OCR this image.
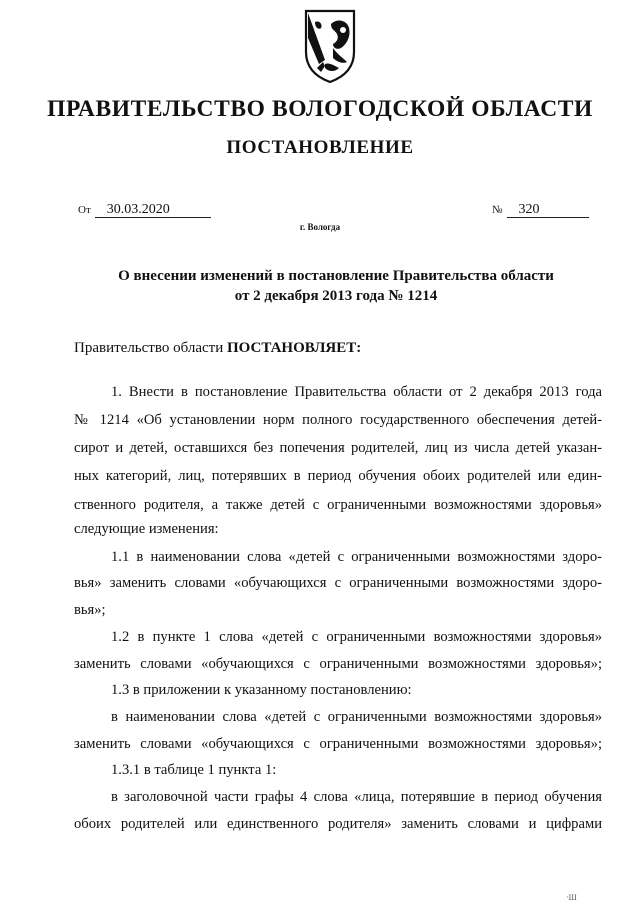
ПРАВИТЕЛЬСТВО ВОЛОГОДСКОЙ ОБЛАСТИ
ПОСТАНОВЛЕНИЕ
От 30.03.2020	№ 320
г. Вологда
О внесении изменений в постановление Правительства области
от 2 декабря 2013 года № 1214
Правительство области ПОСТАНОВЛЯЕТ:
1. Внести в постановление Правительства области от 2 декабря 2013 года
№ 1214 «Об установлении норм полного государственного обеспечения детей-
сирот и детей, оставшихся без попечения родителей, лиц из числа детей указан-
ных категорий, лиц, потерявших в период обучения обоих родителей или един-
ственного родителя, а также детей с ограниченными возможностями здоровья»
следующие изменения:
1.1 в наименовании слова «детей с ограниченными возможностями здоро-
вья» заменить словами «обучающихся с ограниченными возможностями здоро-
вья»;
1.2 в пункте 1 слова «детей с ограниченными возможностями здоровья»
заменить словами «обучающихся с ограниченными возможностями здоровья»;
1.3 в приложении к указанному постановлению:
в наименовании слова «детей с ограниченными возможностями здоровья»
заменить словами «обучающихся с ограниченными возможностями здоровья»;
1.3.1 в таблице 1 пункта 1:
в заголовочной части графы 4 слова «лица, потерявшие в период обучения
обоих родителей или единственного родителя» заменить словами и цифрами
·Ш
